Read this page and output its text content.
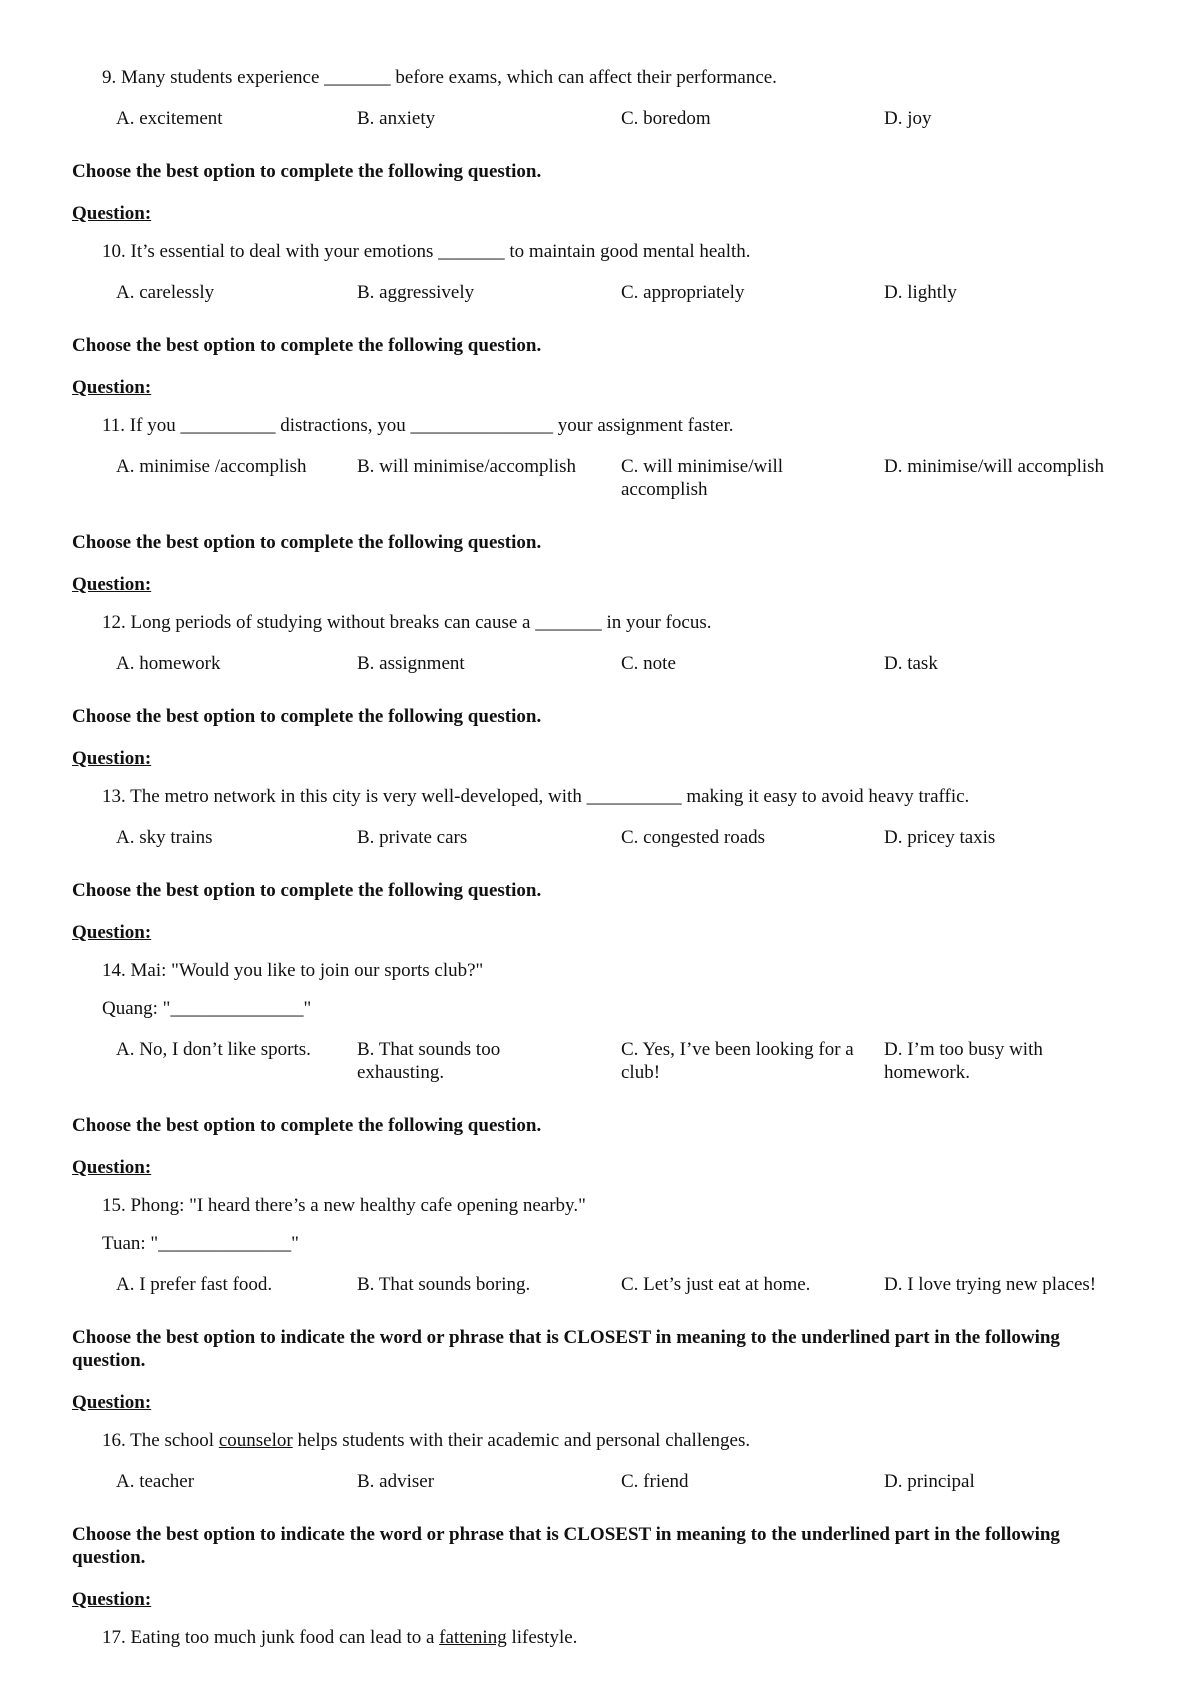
9. Many students experience _______ before exams, which can affect their performance.
A. excitement	B. anxiety	C. boredom	D. joy
Choose the best option to complete the following question.
Question:
10. It’s essential to deal with your emotions _______ to maintain good mental health.
A. carelessly	B. aggressively	C. appropriately	D. lightly
Choose the best option to complete the following question.
Question:
11. If you __________ distractions, you _______________ your assignment faster.
A. minimise /accomplish	B. will minimise/accomplish	C. will minimise/will accomplish
D. minimise/will accomplish
Choose the best option to complete the following question.
Question:
12. Long periods of studying without breaks can cause a _______ in your focus.
A. homework	B. assignment	C. note	D. task
Choose the best option to complete the following question.
Question:
13. The metro network in this city is very well-developed, with __________ making it easy to avoid heavy traffic.
A. sky trains	B. private cars	C. congested roads	D. pricey taxis
Choose the best option to complete the following question.
Question:
14. Mai: "Would you like to join our sports club?"
Quang: "______________"
A. No, I don’t like sports.	B. That sounds too exhausting.
C. Yes, I’ve been looking for a club!
D. I’m too busy with homework.
Choose the best option to complete the following question.
Question:
15. Phong: "I heard there’s a new healthy cafe opening nearby."
Tuan: "______________"
A. I prefer fast food.	B. That sounds boring.	C. Let’s just eat at home.	D. I love trying new places!
Choose the best option to indicate the word or phrase that is CLOSEST in meaning to the underlined part in the following question.
Question:
16. The school counselor helps students with their academic and personal challenges.
A. teacher	B. adviser	C. friend	D. principal
Choose the best option to indicate the word or phrase that is CLOSEST in meaning to the underlined part in the following question.
Question:
17. Eating too much junk food can lead to a fattening lifestyle.
